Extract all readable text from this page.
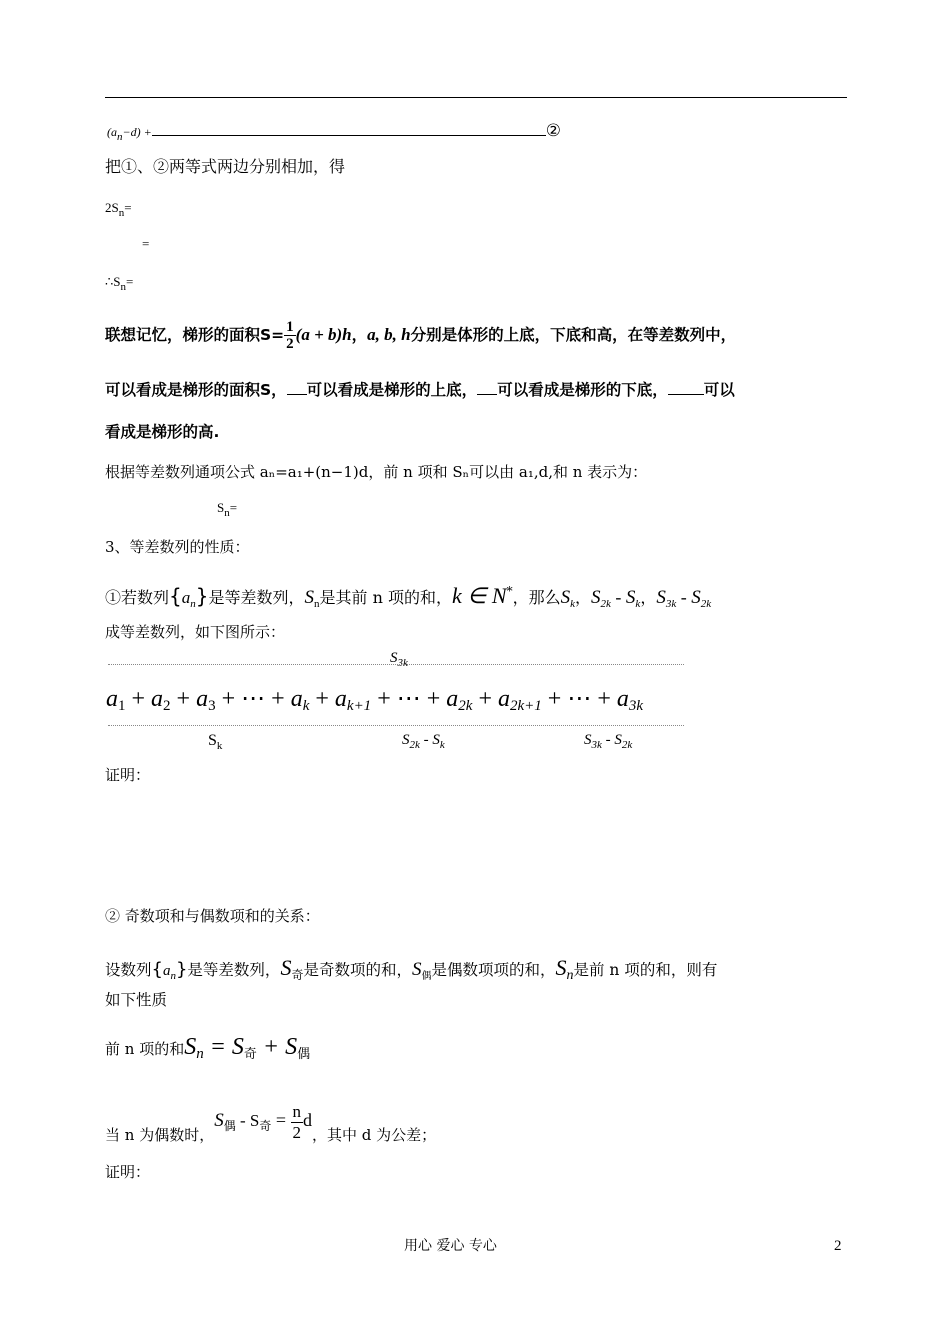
$(a_n-d)$ +	②
把①、②两等式两边分别相加，得
$2S_n=$
=
$\therefore S_n=$
联想记忆，梯形的面积$S= \frac{1}{2} (a + b)h$，a, b, h分别是体形的上底，下底和高，在等差数列中，
可以看成是梯形的面积S， 可以看成是梯形的上底， 可以看成是梯形的下底， 可以
看成是梯形的高.
根据等差数列通项公式 aₙ=a₁+(n−1)d，前 n 项和 Sₙ可以由 a₁,d,和 n 表示为：
$S_n=$
3、等差数列的性质：
①若数列$\{a_n\}$是等差数列，$S_n$是其前 n 项的和，k ∈ N*，那么$S_k$，$S_{2k} - S_k$，$S_{3k} - S_{2k}$
成等差数列，如下图所示：
$S_{3k}$
$a_1 + a_2 + a_3$ + ⋯ + $a_k + a_{k+1}$ + ⋯ + $a_{2k} + a_{2k+1}$ + ⋯ + $a_{3k}$
$S_k$	$S_{2k} - S_k$	$S_{3k} - S_{2k}$
证明：
② 奇数项和与偶数项和的关系：
设数列$\{a_n\}$是等差数列，$S_奇$是奇数项的和，$S_偶$是偶数项项的和，Sn是前 n 项的和，则有
如下性质
前 n 项的和Sn = S奇 + S偶
当 n 为偶数时，$S_偶 - S_奇 = \frac{n}{2}$ d，其中 d 为公差；
证明：
用心 爱心 专心	2
